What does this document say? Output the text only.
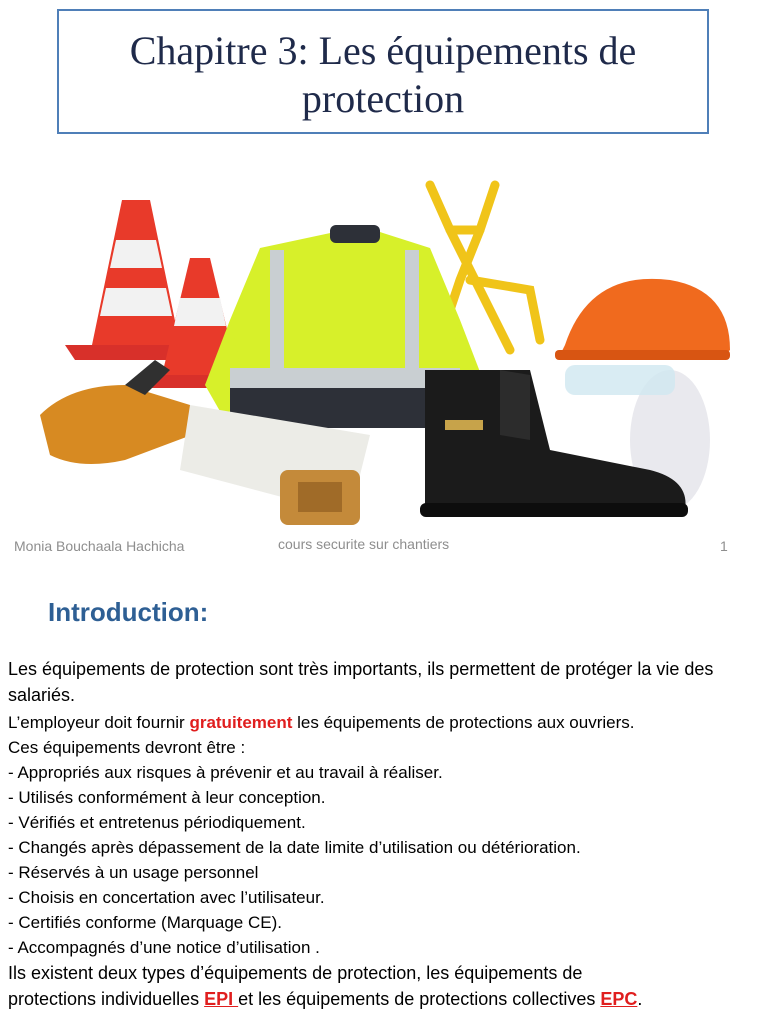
Chapitre 3: Les équipements de
protection
Monia Bouchaala Hachicha	cours securite sur chantiers	1
Introduction:

Les équipements de protection sont très importants, ils permettent de protéger la vie des salariés.

L’employeur doit fournir gratuitement les équipements de protections aux ouvriers.

Ces équipements devront être :

- Appropriés aux risques à prévenir et au travail à réaliser.

- Utilisés conformément à leur conception.

- Vérifiés et entretenus périodiquement.

- Changés après dépassement de la date limite d’utilisation ou détérioration.

- Réservés à un usage personnel

- Choisis en concertation avec l’utilisateur.

- Certifiés conforme (Marquage CE).

- Accompagnés d’une notice d’utilisation .

Ils existent deux types d’équipements de protection, les équipements de

protections individuelles EPI et les équipements de protections collectives EPC.
